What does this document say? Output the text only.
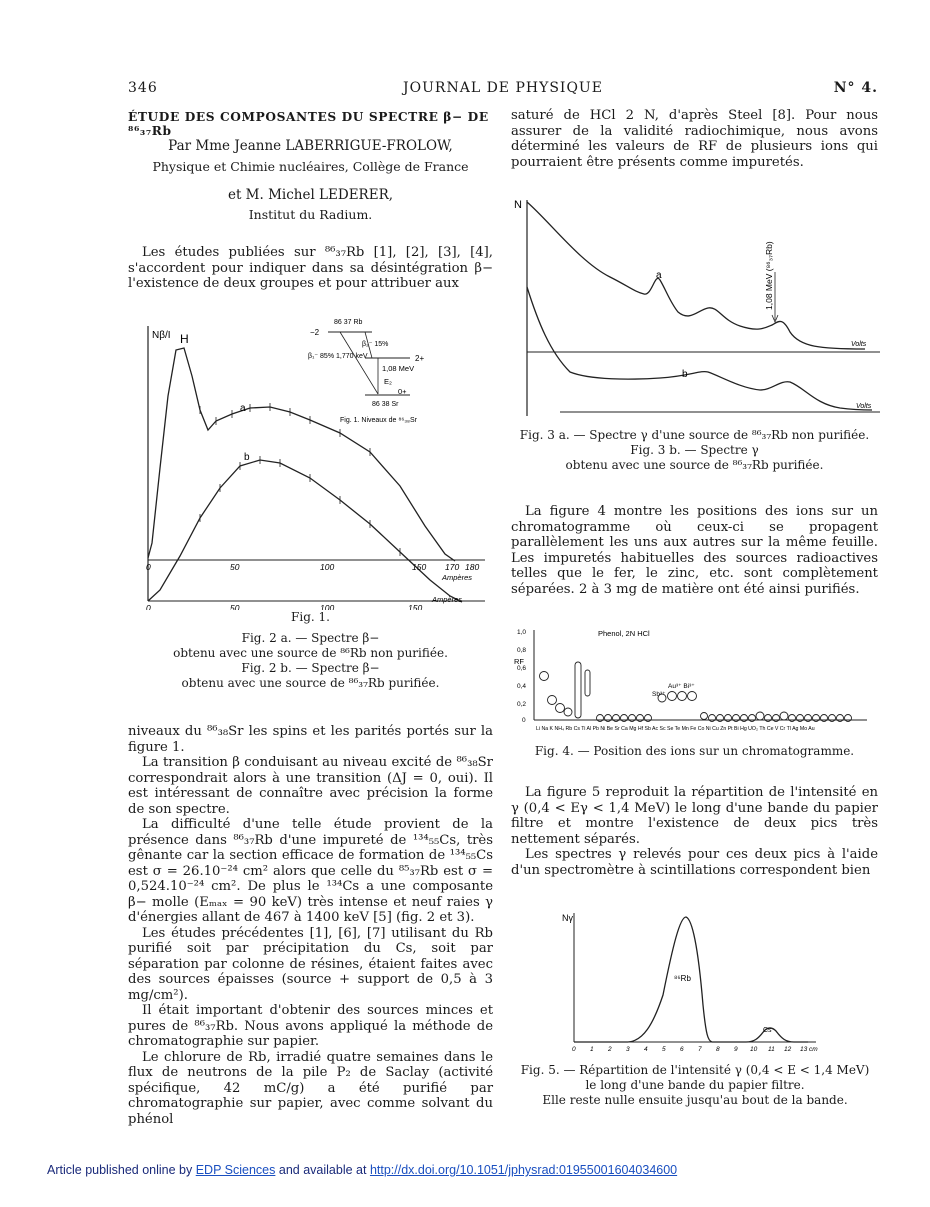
346	JOURNAL DE PHYSIQUE	N° 4.
ÉTUDE DES COMPOSANTES DU SPECTRE β− DE ⁸⁶₃₇Rb
Par Mme Jeanne LABERRIGUE-FROLOW,
Physique et Chimie nucléaires, Collège de France
et M. Michel LEDERER,
Institut du Radium.

Les études publiées sur ⁸⁶₃₇Rb [1], [2], [3], [4], s'accordent pour indiquer dans sa désintégration β− l'existence de deux groupes et pour attribuer aux

Nβ/I H
a
b
0	50	100	150 170 180
Ampères
0	50	100	150
Ampères
86 37 Rb
−2
β₂⁻ 15%
β₁⁻ 85% 1,770 keV	2+
1,08 MeV
E₂
0+
86 38 Sr
Fig. 1. Niveaux de ⁸⁶₃₈Sr
Fig. 1.
Fig. 2 a. — Spectre β−
obtenu avec une source de ⁸⁶Rb non purifiée.
Fig. 2 b. — Spectre β−
obtenu avec une source de ⁸⁶₃₇Rb purifiée.

niveaux du ⁸⁶₃₈Sr les spins et les parités portés sur la figure 1.

La transition β conduisant au niveau excité de ⁸⁶₃₈Sr correspondrait alors à une transition (ΔJ = 0, oui). Il est intéressant de connaître avec précision la forme de son spectre.

La difficulté d'une telle étude provient de la présence dans ⁸⁶₃₇Rb d'une impureté de ¹³⁴₅₅Cs, très gênante car la section efficace de formation de ¹³⁴₅₅Cs est σ = 26.10⁻²⁴ cm² alors que celle du ⁸⁵₃₇Rb est σ = 0,524.10⁻²⁴ cm². De plus le ¹³⁴Cs a une composante β− molle (Eₘₐₓ = 90 keV) très intense et neuf raies γ d'énergies allant de 467 à 1400 keV [5] (fig. 2 et 3).

Les études précédentes [1], [6], [7] utilisant du Rb purifié soit par précipitation du Cs, soit par séparation par colonne de résines, étaient faites avec des sources épaisses (source + support de 0,5 à 3 mg/cm²).

Il était important d'obtenir des sources minces et pures de ⁸⁶₃₇Rb. Nous avons appliqué la méthode de chromatographie sur papier.

Le chlorure de Rb, irradié quatre semaines dans le flux de neutrons de la pile P₂ de Saclay (activité spécifique, 42 mC/g) a été purifié par chromatographie sur papier, avec comme solvant du phénol

saturé de HCl 2 N, d'après Steel [8]. Pour nous assurer de la validité radiochimique, nous avons déterminé les valeurs de RF de plusieurs ions qui pourraient être présents comme impuretés.

N
a
b
1,08 MeV (⁸⁶₃₇Rb)
Volts
Volts
Fig. 3 a. — Spectre γ d'une source de ⁸⁶₃₇Rb non purifiée.
Fig. 3 b. — Spectre γ
obtenu avec une source de ⁸⁶₃₇Rb purifiée.

La figure 4 montre les positions des ions sur un chromatogramme où ceux-ci se propagent parallèlement les uns aux autres sur la même feuille. Les impuretés habituelles des sources radioactives telles que le fer, le zinc, etc. sont complètement séparées. 2 à 3 mg de matière ont été ainsi purifiés.

Phenol, 2N HCl
RF
1,0
0,8
0,6
0,4
0,2
0
Sb³⁺
Au³⁺ Bi³⁺
Li Na K NH₄ Rb Cs Ti Al Pb Ni Be Sr Ca Mg Hf Sb Ac Sc Se Te Mn Fe Co Ni Cu Zn Pt Bi Hg UO₂ Th Ce V Cr Tl Ag Mo Au
Fig. 4. — Position des ions sur un chromatogramme.

La figure 5 reproduit la répartition de l'intensité en γ (0,4 < Eγ < 1,4 MeV) le long d'une bande du papier filtre et montre l'existence de deux pics très nettement séparés.

Les spectres γ relevés pour ces deux pics à l'aide d'un spectromètre à scintillations correspondent bien

Nγ
⁸⁶Rb
Cs
0 1 2 3 4 5 6 7 8 9 10 11 12 13 cm
Fig. 5. — Répartition de l'intensité γ (0,4 < E < 1,4 MeV)
le long d'une bande du papier filtre.
Elle reste nulle ensuite jusqu'au bout de la bande.
Article published online by EDP Sciences and available at http://dx.doi.org/10.1051/jphysrad:01955001604034600
